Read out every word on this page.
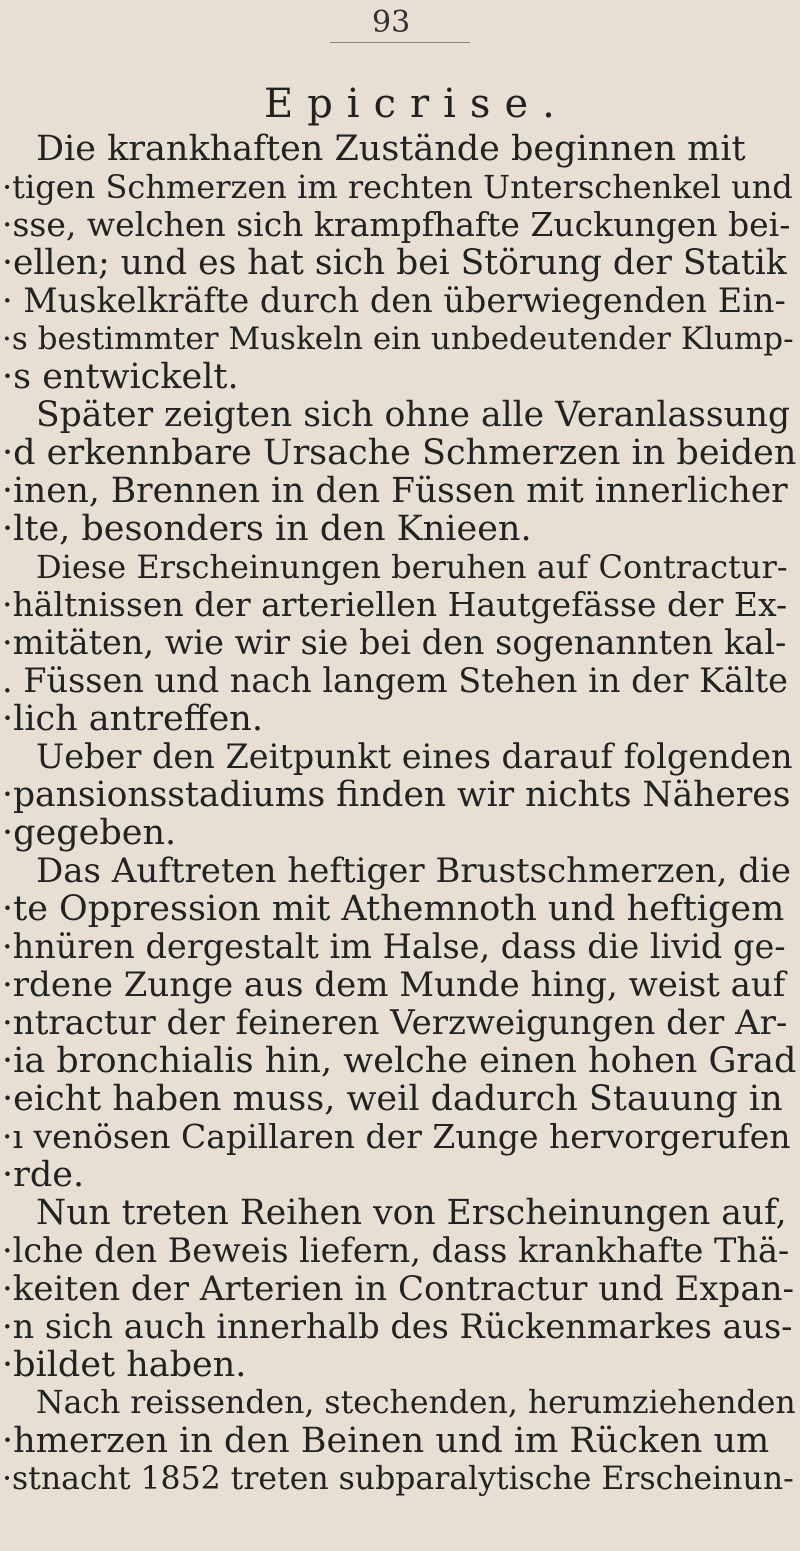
93
Epicrise.
Die krankhaften Zustände beginnen mit
·tigen Schmerzen im rechten Unterschenkel und
·sse, welchen sich krampfhafte Zuckungen bei-
·ellen; und es hat sich bei Störung der Statik
· Muskelkräfte durch den überwiegenden Ein-
·s bestimmter Muskeln ein unbedeutender Klump-
·s entwickelt.
Später zeigten sich ohne alle Veranlassung
·d erkennbare Ursache Schmerzen in beiden
·inen, Brennen in den Füssen mit innerlicher
·lte, besonders in den Knieen.
Diese Erscheinungen beruhen auf Contractur-
·hältnissen der arteriellen Hautgefässe der Ex-
·mitäten, wie wir sie bei den sogenannten kal-
. Füssen und nach langem Stehen in der Kälte
·lich antreffen.
Ueber den Zeitpunkt eines darauf folgenden
·pansionsstadiums finden wir nichts Näheres
·gegeben.
Das Auftreten heftiger Brustschmerzen, die
·te Oppression mit Athemnoth und heftigem
·hnüren dergestalt im Halse, dass die livid ge-
·rdene Zunge aus dem Munde hing, weist auf
·ntractur der feineren Verzweigungen der Ar-
·ia bronchialis hin, welche einen hohen Grad
·eicht haben muss, weil dadurch Stauung in
·ı venösen Capillaren der Zunge hervorgerufen
·rde.
Nun treten Reihen von Erscheinungen auf,
·lche den Beweis liefern, dass krankhafte Thä-
·keiten der Arterien in Contractur und Expan-
·n sich auch innerhalb des Rückenmarkes aus-
·bildet haben.
Nach reissenden, stechenden, herumziehenden
·hmerzen in den Beinen und im Rücken um
·stnacht 1852 treten subparalytische Erscheinun-
